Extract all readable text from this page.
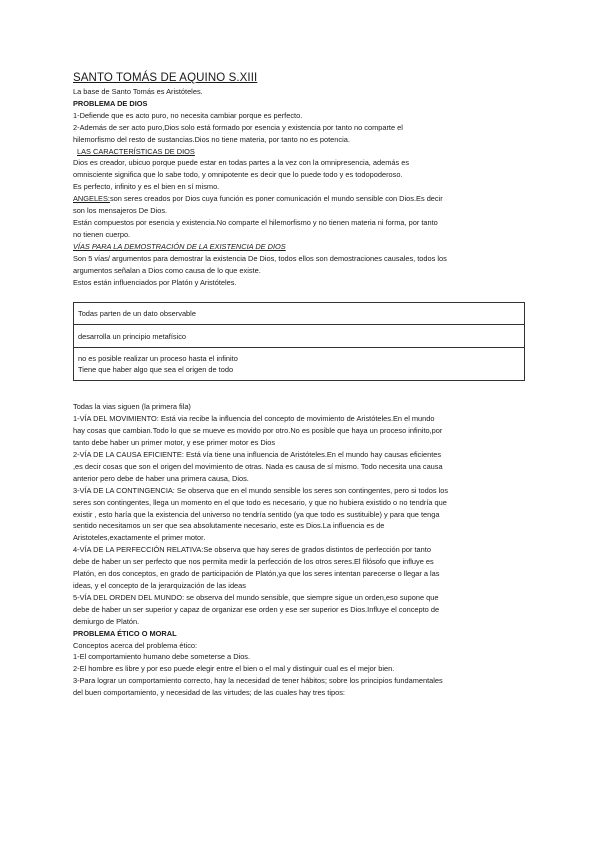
SANTO TOMÁS DE AQUINO S.XIII

La base de Santo Tomás es Aristóteles.

PROBLEMA DE DIOS

1-Defiende que es acto puro, no necesita cambiar porque es perfecto.

2-Además de ser acto puro,Dios solo está formado por esencia y existencia por tanto no comparte el

hilemorfismo del resto de sustancias.Dios no tiene materia, por tanto no es potencia.

LAS CARACTERÍSTICAS DE DIOS

Dios es creador, ubicuo porque puede estar en todas partes a la vez con la omnipresencia, además es

omnisciente significa que lo sabe todo, y omnipotente es decir que lo puede todo y es todopoderoso.

Es perfecto, infinito y es el bien en sí mismo.

ANGELES:son seres creados por Dios cuya función es poner comunicación el mundo sensible con Dios.Es decir

son los mensajeros De Dios.

Están compuestos por esencia y existencia.No comparte el hilemorfismo y no tienen materia ni forma, por tanto

no tienen cuerpo.

VÍAS PARA LA DEMOSTRACIÓN DE LA EXISTENCIA DE DIOS

Son 5 vías/ argumentos para demostrar la existencia De Dios, todos ellos son demostraciones causales, todos los

argumentos señalan a Dios como causa de lo que existe.

Estos están influenciados por Platón y Aristóteles.

Todas parten de un dato observable
desarrolla un principio metafísico

no es posible realizar un proceso hasta el infinito
Tiene que haber algo que sea el origen de todo

Todas la vias siguen (la primera fila)

1-VÍA DEL MOVIMIENTO: Está via recibe la influencia del concepto de movimiento de Aristóteles.En el mundo

hay cosas que cambian.Todo lo que se mueve es movido por otro.No es posible que haya un proceso infinito,por

tanto debe haber un primer motor, y ese primer motor es Dios

2-VÍA DE LA CAUSA EFICIENTE: Está vía tiene una influencia de Aristóteles.En el mundo hay causas eficientes

,es decir cosas que son el origen del movimiento de otras. Nada es causa de sí mismo. Todo necesita una causa

anterior pero debe de haber una primera causa, Dios.

3-VÍA DE LA CONTINGENCIA: Se observa que en el mundo sensible los seres son contingentes, pero si todos los

seres son contingentes, llega un momento en el que todo es necesario, y que no hubiera existido o no tendría que

existir , esto haría que la existencia del universo no tendría sentido (ya que todo es sustituible) y para que tenga

sentido necesitamos un ser que sea absolutamente necesario, este es Dios.La influencia es de

Aristoteles,exactamente el primer motor.

4-VÍA DE LA PERFECCIÓN RELATIVA:Se observa que hay seres de grados distintos de perfección por tanto

debe de haber un ser perfecto que nos permita medir la perfección de los otros seres.El filósofo que influye es

Platón, en dos conceptos, en grado de participación de Platón,ya que los seres intentan parecerse o llegar a las

ideas, y el concepto de la jerarquización de las ideas

5-VÍA DEL ORDEN DEL MUNDO: se observa del mundo sensible, que siempre sigue un orden,eso supone que

debe de haber un ser superior y capaz de organizar ese orden y ese ser superior es Dios.Influye el concepto de

demiurgo de Platón.

PROBLEMA ÉTICO O MORAL

Conceptos acerca del problema ético:

1-El comportamiento humano debe someterse a Dios.

2-El hombre es libre y por eso puede elegir entre el bien o el mal y distinguir cual es el mejor bien.

3-Para lograr un comportamiento correcto, hay la necesidad de tener hábitos; sobre los principios fundamentales

del buen comportamiento, y necesidad de las virtudes; de las cuales hay tres tipos:
